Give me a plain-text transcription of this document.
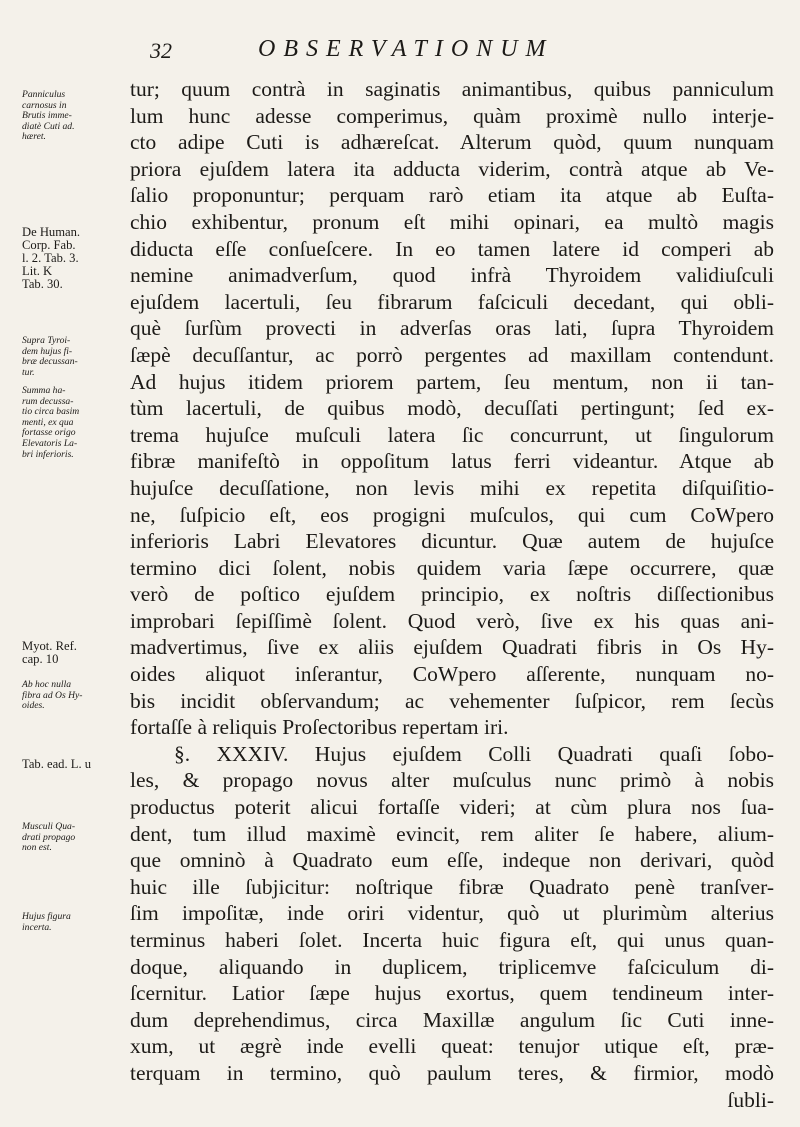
32	OBSERVATIONUM
Panniculus
carnosus in
Brutis imme-
diatè Cuti ad.
hæret.
De Human.
Corp. Fab.
l. 2. Tab. 3.
Lit. K
Tab. 30.
Supra Tyroi-
dem hujus fi-
bræ decussan-
tur.
Summa ha-
rum decussa-
tio circa basim
menti, ex qua
fortasse origo
Elevatoris La-
bri inferioris.
Myot. Ref.
cap. 10
Ab hoc nulla
fibra ad Os Hy-
oides.
Tab. ead. L. u
Musculi Qua-
drati propago
non est.
Hujus figura
incerta.
tur; quum contrà in saginatis animantibus, quibus panniculum
lum hunc adesse comperimus, quàm proximè nullo interje-
cto adipe Cuti is adhæreſcat. Alterum quòd, quum nunquam
priora ejuſdem latera ita adducta viderim, contrà atque ab Ve-
ſalio proponuntur; perquam rarò etiam ita atque ab Euſta-
chio exhibentur, pronum eſt mihi opinari, ea multò magis
diducta eſſe conſueſcere. In eo tamen latere id comperi ab
nemine animadverſum, quod infrà Thyroidem validiuſculi
ejuſdem lacertuli, ſeu fibrarum faſciculi decedant, qui obli-
què ſurſùm provecti in adverſas oras lati, ſupra Thyroidem
ſæpè decuſſantur, ac porrò pergentes ad maxillam contendunt.
Ad hujus itidem priorem partem, ſeu mentum, non ii tan-
tùm lacertuli, de quibus modò, decuſſati pertingunt; ſed ex-
trema hujuſce muſculi latera ſic concurrunt, ut ſingulorum
fibræ manifeſtò in oppoſitum latus ferri videantur. Atque ab
hujuſce decuſſatione, non levis mihi ex repetita diſquiſitio-
ne, ſuſpicio eſt, eos progigni muſculos, qui cum CoWpero
inferioris Labri Elevatores dicuntur. Quæ autem de hujuſce
termino dici ſolent, nobis quidem varia ſæpe occurrere, quæ
verò de poſtico ejuſdem principio, ex noſtris diſſectionibus
improbari ſepiſſimè ſolent. Quod verò, ſive ex his quas ani-
madvertimus, ſive ex aliis ejuſdem Quadrati fibris in Os Hy-
oides aliquot inſerantur, CoWpero aſſerente, nunquam no-
bis incidit obſervandum; ac vehementer ſuſpicor, rem ſecùs
fortaſſe à reliquis Proſectoribus repertam iri.
§. XXXIV. Hujus ejuſdem Colli Quadrati quaſi ſobo-
les, & propago novus alter muſculus nunc primò à nobis
productus poterit alicui fortaſſe videri; at cùm plura nos ſua-
dent, tum illud maximè evincit, rem aliter ſe habere, alium-
que omninò à Quadrato eum eſſe, indeque non derivari, quòd
huic ille ſubjicitur: noſtrique fibræ Quadrato penè tranſver-
ſim impoſitæ, inde oriri videntur, quò ut plurimùm alterius
terminus haberi ſolet. Incerta huic figura eſt, qui unus quan-
doque, aliquando in duplicem, triplicemve faſciculum di-
ſcernitur. Latior ſæpe hujus exortus, quem tendineum inter-
dum deprehendimus, circa Maxillæ angulum ſic Cuti inne-
xum, ut ægrè inde evelli queat: tenujor utique eſt, præ-
terquam in termino, quò paulum teres, & firmior, modò
ſubli-
